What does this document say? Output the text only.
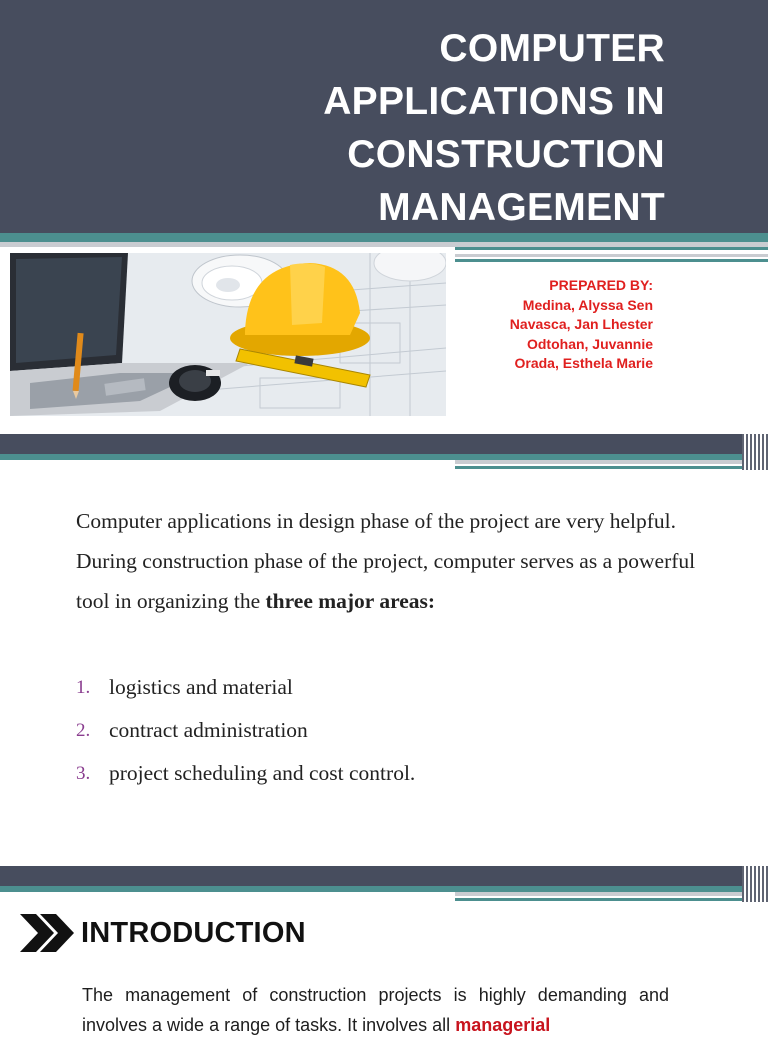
COMPUTER
APPLICATIONS IN
CONSTRUCTION
MANAGEMENT
PREPARED BY:
Medina, Alyssa Sen
Navasca, Jan Lhester
Odtohan, Juvannie
Orada, Esthela Marie

Computer applications in design phase of the project are very helpful. During construction phase of the project, computer serves as a powerful tool in organizing the three major areas:

1. logistics and material
2. contract administration
3. project scheduling and cost control.
INTRODUCTION

The management of construction projects is highly demanding and involves a wide a range of tasks. It involves all managerial
